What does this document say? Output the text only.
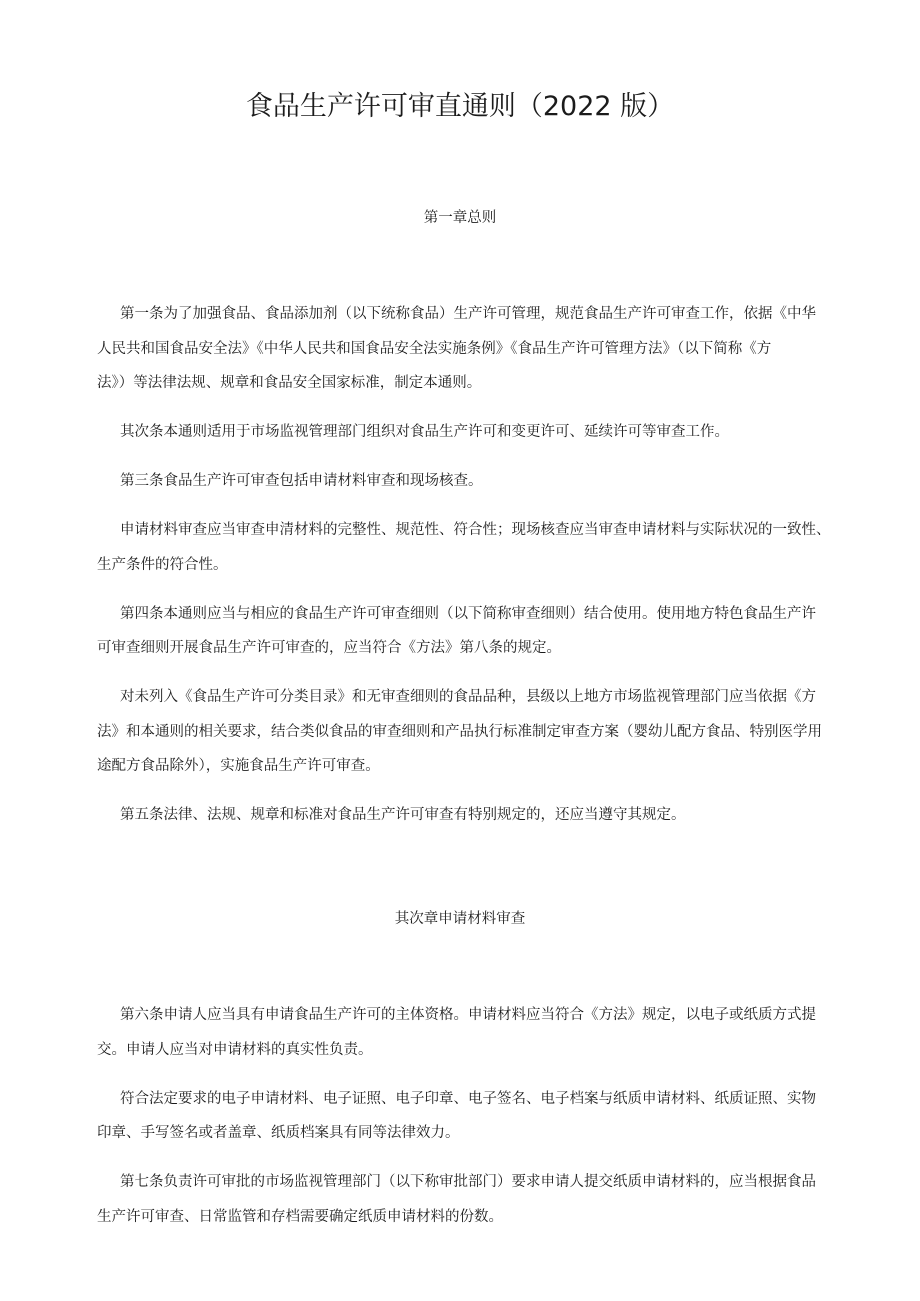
食品生产许可审直通则（2022 版）
第一章总则

第一条为了加强食品、食品添加剂（以下统称食品）生产许可管理，规范食品生产许可审查工作，依据《中华
人民共和国食品安全法》《中华人民共和国食品安全法实施条例》《食品生产许可管理方法》（以下简称《方
法》）等法律法规、规章和食品安全国家标准，制定本通则。

其次条本通则适用于市场监视管理部门组织对食品生产许可和变更许可、延续许可等审查工作。

第三条食品生产许可审查包括申请材料审查和现场核查。

申请材料审查应当审查申清材料的完整性、规范性、符合性；现场核查应当审查申请材料与实际状况的一致性、
生产条件的符合性。

第四条本通则应当与相应的食品生产许可审查细则（以下简称审查细则）结合使用。使用地方特色食品生产许
可审查细则开展食品生产许可审查的，应当符合《方法》第八条的规定。

对未列入《食品生产许可分类目录》和无审查细则的食品品种，县级以上地方市场监视管理部门应当依据《方
法》和本通则的相关要求，结合类似食品的审查细则和产品执行标准制定审查方案（婴幼儿配方食品、特别医学用
途配方食品除外），实施食品生产许可审查。

第五条法律、法规、规章和标准对食品生产许可审查有特别规定的，还应当遵守其规定。

其次章申请材料审查

第六条申请人应当具有申请食品生产许可的主体资格。申请材料应当符合《方法》规定，以电子或纸质方式提
交。申请人应当对申请材料的真实性负责。

符合法定要求的电子申请材料、电子证照、电子印章、电子签名、电子档案与纸质申请材料、纸质证照、实物
印章、手写签名或者盖章、纸质档案具有同等法律效力。

第七条负责许可审批的市场监视管理部门（以下称审批部门）要求申请人提交纸质申请材料的，应当根据食品
生产许可审查、日常监管和存档需要确定纸质申请材料的份数。
